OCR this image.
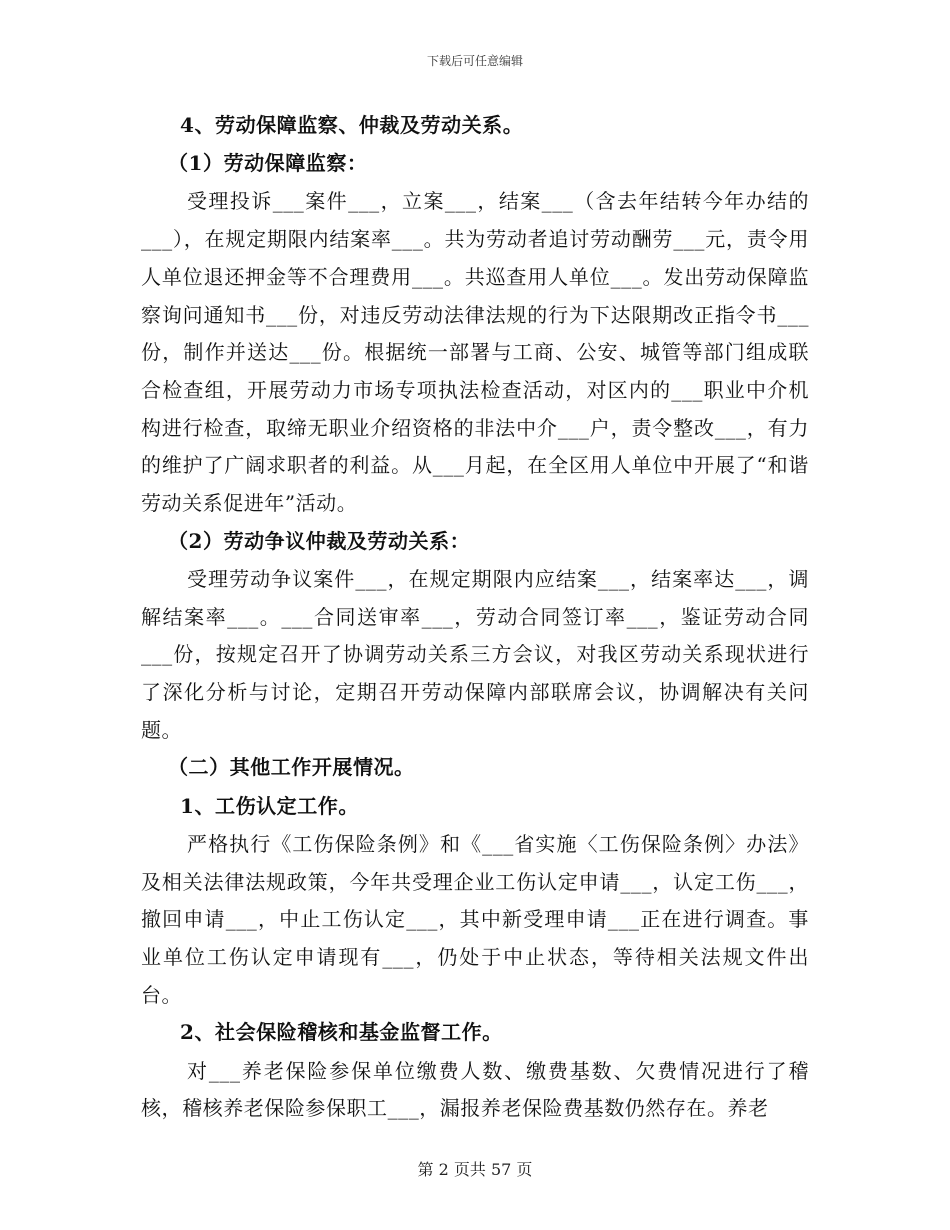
下载后可任意编辑
4、劳动保障监察、仲裁及劳动关系。
（1）劳动保障监察：

受理投诉___案件___，立案___，结案___（含去年结转今年办结的___），在规定期限内结案率___。共为劳动者追讨劳动酬劳___元，责令用人单位退还押金等不合理费用___。共巡查用人单位___。发出劳动保障监察询问通知书___份，对违反劳动法律法规的行为下达限期改正指令书___份，制作并送达___份。根据统一部署与工商、公安、城管等部门组成联合检查组，开展劳动力市场专项执法检查活动，对区内的___职业中介机构进行检查，取缔无职业介绍资格的非法中介___户，责令整改___，有力的维护了广阔求职者的利益。从___月起，在全区用人单位中开展了“和谐劳动关系促进年”活动。

（2）劳动争议仲裁及劳动关系：

受理劳动争议案件___，在规定期限内应结案___，结案率达___，调解结案率___。___合同送审率___，劳动合同签订率___，鉴证劳动合同___份，按规定召开了协调劳动关系三方会议，对我区劳动关系现状进行了深化分析与讨论，定期召开劳动保障内部联席会议，协调解决有关问题。

（二）其他工作开展情况。
1、工伤认定工作。

严格执行《工伤保险条例》和《___省实施〈工伤保险条例〉办法》及相关法律法规政策，今年共受理企业工伤认定申请___，认定工伤___，撤回申请___，中止工伤认定___，其中新受理申请___正在进行调查。事业单位工伤认定申请现有___，仍处于中止状态，等待相关法规文件出台。

2、社会保险稽核和基金监督工作。

对___养老保险参保单位缴费人数、缴费基数、欠费情况进行了稽核，稽核养老保险参保职工___，漏报养老保险费基数仍然存在。养老

第 2 页共 57 页
